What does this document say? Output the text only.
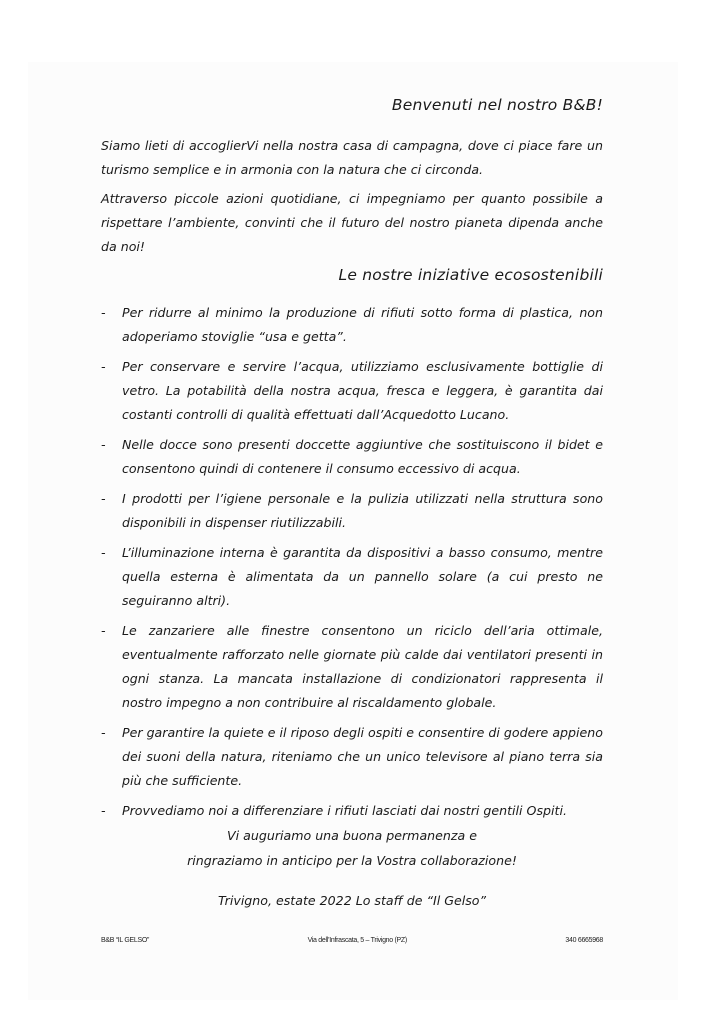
Benvenuti nel nostro B&B!

Siamo lieti di accoglierVi nella nostra casa di campagna, dove ci piace fare un turismo semplice e in armonia con la natura che ci circonda.

Attraverso piccole azioni quotidiane, ci impegniamo per quanto possibile a rispettare l’ambiente, convinti che il futuro del nostro pianeta dipenda anche da noi!

Le nostre iniziative ecosostenibili
- Per ridurre al minimo la produzione di rifiuti sotto forma di plastica, non adoperiamo stoviglie “usa e getta”.
- Per conservare e servire l’acqua, utilizziamo esclusivamente bottiglie di vetro. La potabilità della nostra acqua, fresca e leggera, è garantita dai costanti controlli di qualità effettuati dall’Acquedotto Lucano.
- Nelle docce sono presenti doccette aggiuntive che sostituiscono il bidet e consentono quindi di contenere il consumo eccessivo di acqua.
- I prodotti per l’igiene personale e la pulizia utilizzati nella struttura sono disponibili in dispenser riutilizzabili.
- L’illuminazione interna è garantita da dispositivi a basso consumo, mentre quella esterna è alimentata da un pannello solare (a cui presto ne seguiranno altri).
- Le zanzariere alle finestre consentono un riciclo dell’aria ottimale, eventualmente rafforzato nelle giornate più calde dai ventilatori presenti in ogni stanza. La mancata installazione di condizionatori rappresenta il nostro impegno a non contribuire al riscaldamento globale.
- Per garantire la quiete e il riposo degli ospiti e consentire di godere appieno dei suoni della natura, riteniamo che un unico televisore al piano terra sia più che sufficiente.
- Provvediamo noi a differenziare i rifiuti lasciati dai nostri gentili Ospiti.
Vi auguriamo una buona permanenza e
ringraziamo in anticipo per la Vostra collaborazione!
Trivigno, estate 2022 Lo staff de “Il Gelso”
B&B “IL GELSO”	Via dell’Infrascata, 5 – Trivigno (PZ)	340 6665968
